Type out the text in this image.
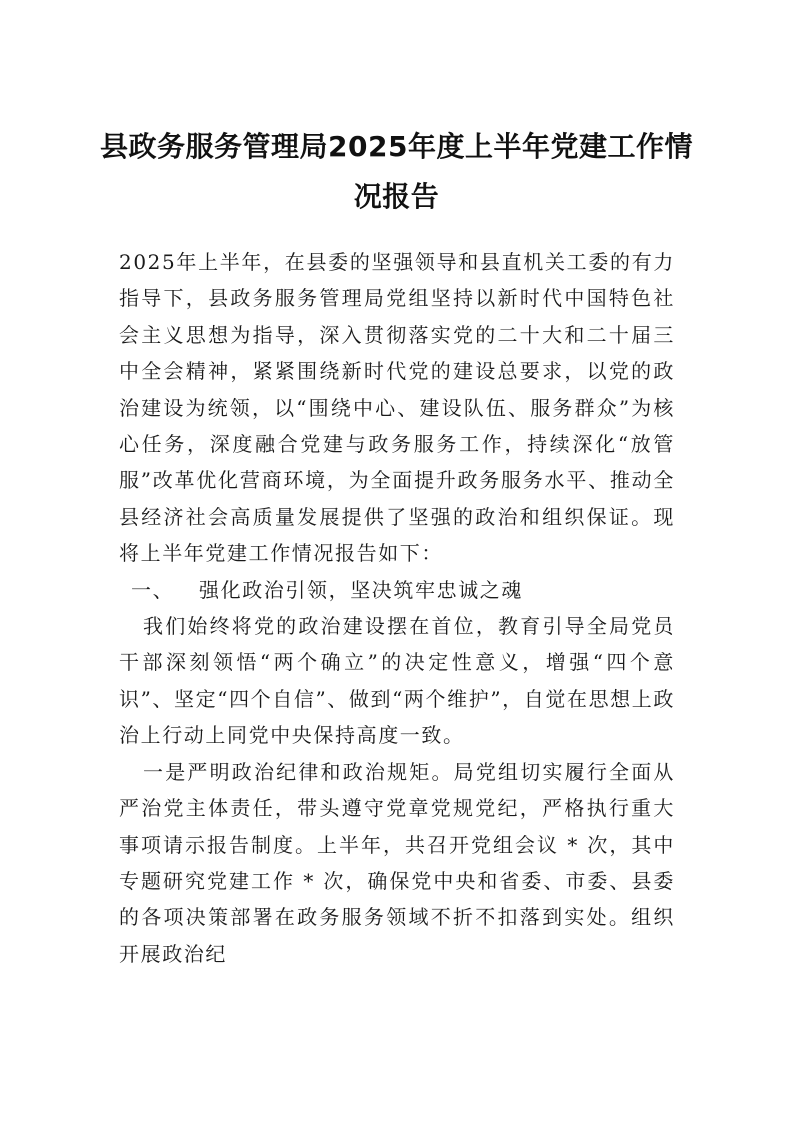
县政务服务管理局2025年度上半年党建工作情况报告

2025年上半年，在县委的坚强领导和县直机关工委的有力指导下，县政务服务管理局党组坚持以新时代中国特色社会主义思想为指导，深入贯彻落实党的二十大和二十届三中全会精神，紧紧围绕新时代党的建设总要求，以党的政治建设为统领，以“围绕中心、建设队伍、服务群众”为核心任务，深度融合党建与政务服务工作，持续深化“放管服”改革优化营商环境，为全面提升政务服务水平、推动全县经济社会高质量发展提供了坚强的政治和组织保证。现将上半年党建工作情况报告如下：

一、 强化政治引领，坚决筑牢忠诚之魂

我们始终将党的政治建设摆在首位，教育引导全局党员干部深刻领悟“两个确立”的决定性意义，增强“四个意识”、坚定“四个自信”、做到“两个维护”，自觉在思想上政治上行动上同党中央保持高度一致。

一是严明政治纪律和政治规矩。局党组切实履行全面从严治党主体责任，带头遵守党章党规党纪，严格执行重大事项请示报告制度。上半年，共召开党组会议 * 次，其中专题研究党建工作 * 次，确保党中央和省委、市委、县委的各项决策部署在政务服务领域不折不扣落到实处。组织开展政治纪
